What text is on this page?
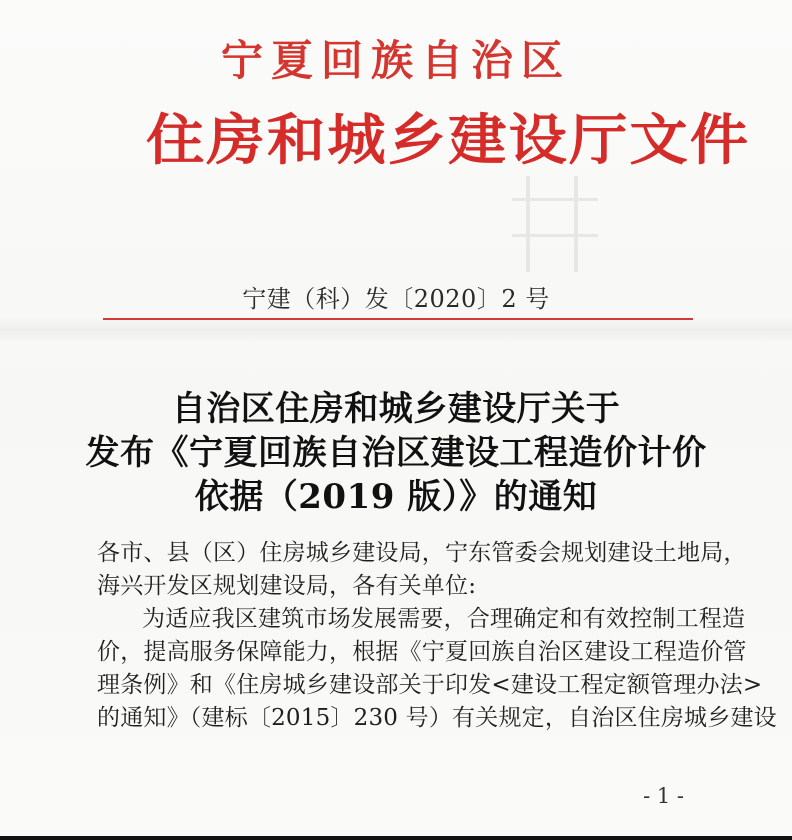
宁夏回族自治区
住房和城乡建设厅文件
宁建（科）发〔2020〕2 号
自治区住房和城乡建设厅关于
发布《宁夏回族自治区建设工程造价计价
依据（2019 版）》的通知
各市、县（区）住房城乡建设局，宁东管委会规划建设土地局，
海兴开发区规划建设局，各有关单位:
为适应我区建筑市场发展需要，合理确定和有效控制工程造
价，提高服务保障能力，根据《宁夏回族自治区建设工程造价管
理条例》和《住房城乡建设部关于印发<建设工程定额管理办法>
的通知》（建标〔2015〕230 号）有关规定，自治区住房城乡建设
- 1 -
